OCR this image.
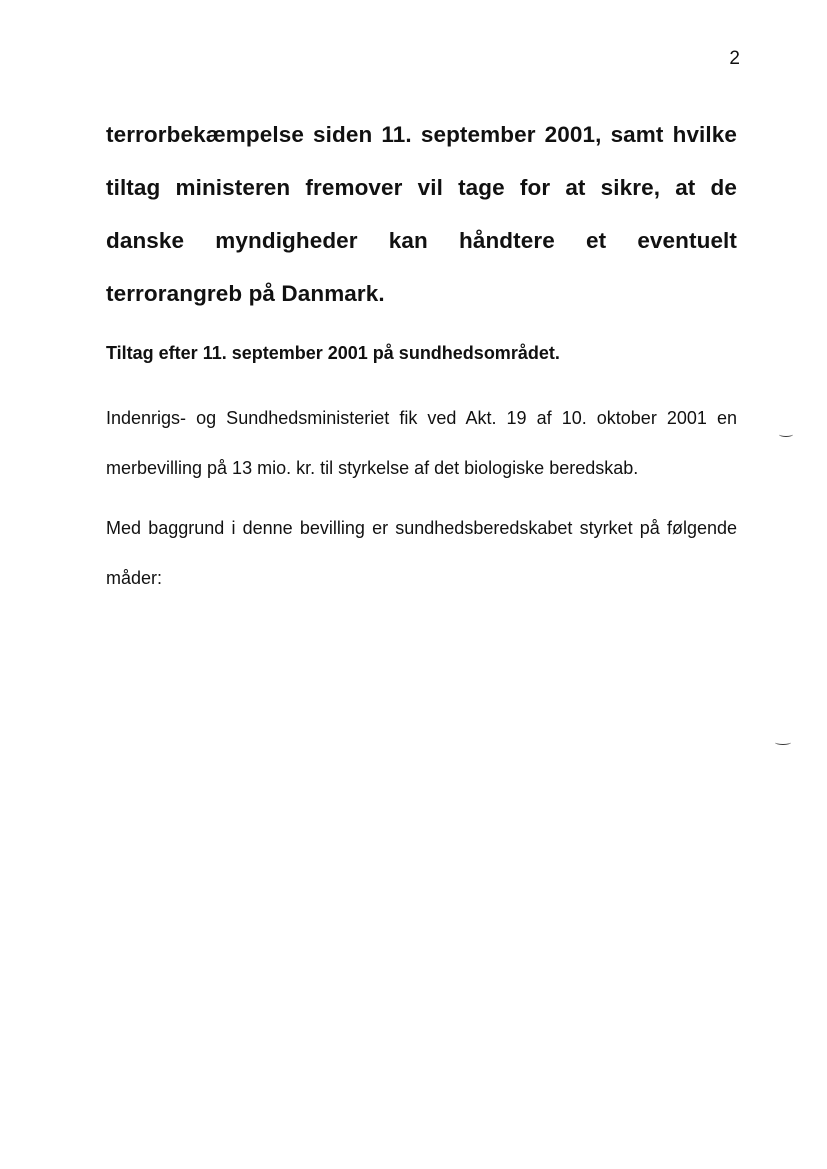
2

terrorbekæmpelse siden 11. september 2001, samt hvilke tiltag ministeren fremover vil tage for at sikre, at de danske myndigheder kan håndtere et eventuelt terrorangreb på Danmark.

Tiltag efter 11. september 2001 på sundhedsområdet.

Indenrigs- og Sundhedsministeriet fik ved Akt. 19 af 10. oktober 2001 en merbevilling på 13 mio. kr. til styrkelse af det biologiske beredskab.

Med baggrund i denne bevilling er sundhedsberedskabet styrket på følgende måder:
